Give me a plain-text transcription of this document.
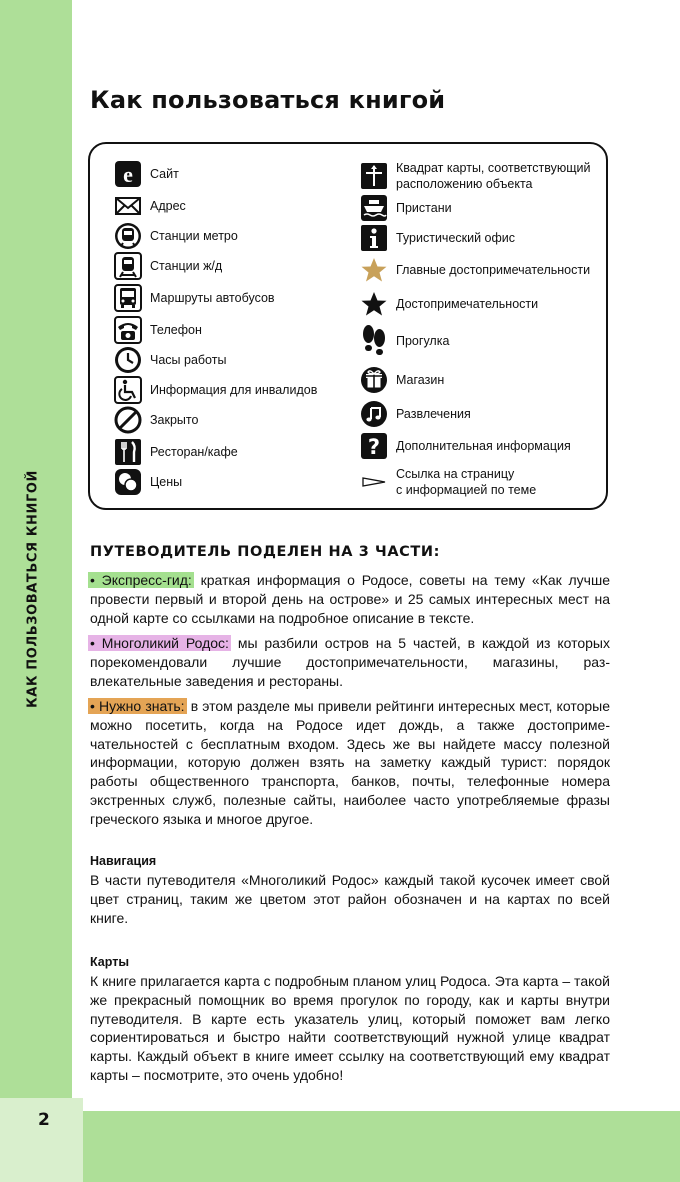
КАК ПОЛЬЗОВАТЬСЯ КНИГОЙ
2
Как пользоваться книгой
e Сайт
Адрес
Станции метро
Станции ж/д
Маршруты автобусов
Телефон
Часы работы
Информация для инвалидов
Закрыто
Ресторан/кафе
Цены
Квадрат карты, соответствующий
расположению объекта
Пристани
Туристический офис
Главные достопримечательности
Достопримечательности
Прогулка
Магазин
Развлечения
? Дополнительная информация
Ссылка на страницу
с информацией по теме
ПУТЕВОДИТЕЛЬ ПОДЕЛЕН НА 3 ЧАСТИ:

• Экспресс-гид: краткая информация о Родосе, советы на тему «Как лучше провести первый и второй день на острове» и 25 самых интересных мест на одной карте со ссылками на подробное описание в тексте.

• Многоликий Родос: мы разбили остров на 5 частей, в каждой из которых порекомендовали лучшие достопримечательности, магазины, развлекательные заведения и рестораны.

• Нужно знать: в этом разделе мы привели рейтинги интересных мест, которые можно посетить, когда на Родосе идет дождь, а также достопримечательностей с бесплатным входом. Здесь же вы найдете массу полезной информации, которую должен взять на заметку каждый турист: порядок работы общественного транспорта, банков, почты, телефонные номера экстренных служб, полезные сайты, наиболее часто употребляемые фразы греческого языка и многое другое.

Навигация

В части путеводителя «Многоликий Родос» каждый такой кусочек имеет свой цвет страниц, таким же цветом этот район обозначен и на картах по всей книге.

Карты

К книге прилагается карта с подробным планом улиц Родоса. Эта карта – такой же прекрасный помощник во время прогулок по городу, как и карты внутри путеводителя. В карте есть указатель улиц, который поможет вам легко сориентироваться и быстро найти соответствующий нужной улице квадрат карты. Каждый объект в книге имеет ссылку на соответствующий ему квадрат карты – посмотрите, это очень удобно!
